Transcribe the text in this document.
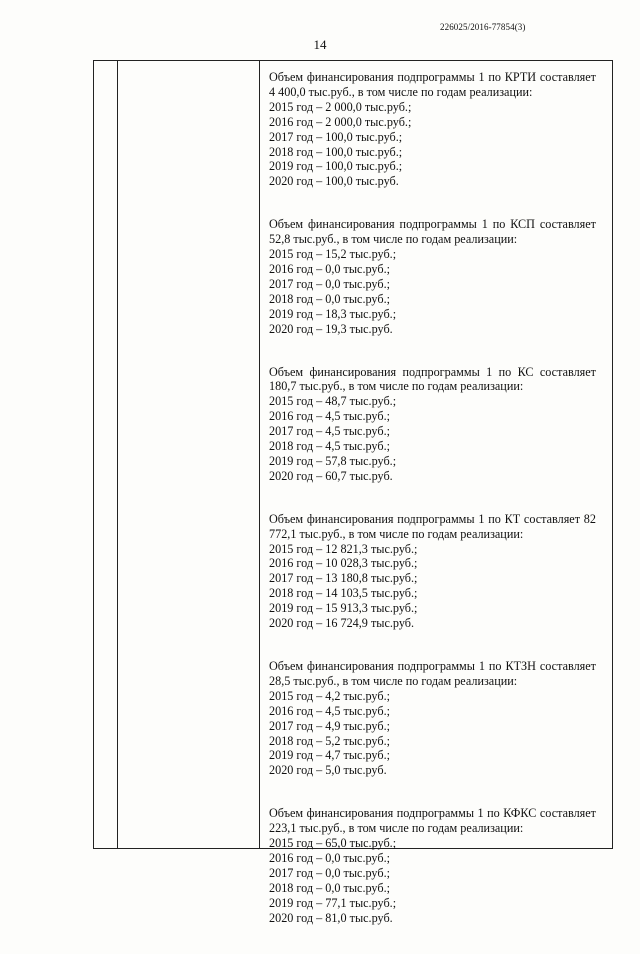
226025/2016-77854(3)
14
Объем финансирования подпрограммы 1 по КРТИ составляет 4 400,0 тыс.руб., в том числе по годам реализации:
2015 год – 2 000,0 тыс.руб.;
2016 год – 2 000,0 тыс.руб.;
2017 год – 100,0 тыс.руб.;
2018 год – 100,0 тыс.руб.;
2019 год – 100,0 тыс.руб.;
2020 год – 100,0 тыс.руб.
Объем финансирования подпрограммы 1 по КСП составляет 52,8 тыс.руб., в том числе по годам реализации:
2015 год – 15,2 тыс.руб.;
2016 год – 0,0 тыс.руб.;
2017 год – 0,0 тыс.руб.;
2018 год – 0,0 тыс.руб.;
2019 год – 18,3 тыс.руб.;
2020 год – 19,3 тыс.руб.
Объем финансирования подпрограммы 1 по КС составляет 180,7 тыс.руб., в том числе по годам реализации:
2015 год – 48,7 тыс.руб.;
2016 год – 4,5 тыс.руб.;
2017 год – 4,5 тыс.руб.;
2018 год – 4,5 тыс.руб.;
2019 год – 57,8 тыс.руб.;
2020 год – 60,7 тыс.руб.
Объем финансирования подпрограммы 1 по КТ составляет 82 772,1 тыс.руб., в том числе по годам реализации:
2015 год – 12 821,3 тыс.руб.;
2016 год – 10 028,3 тыс.руб.;
2017 год – 13 180,8 тыс.руб.;
2018 год – 14 103,5 тыс.руб.;
2019 год – 15 913,3 тыс.руб.;
2020 год – 16 724,9 тыс.руб.
Объем финансирования подпрограммы 1 по КТЗН составляет 28,5 тыс.руб., в том числе по годам реализации:
2015 год – 4,2 тыс.руб.;
2016 год – 4,5 тыс.руб.;
2017 год – 4,9 тыс.руб.;
2018 год – 5,2 тыс.руб.;
2019 год – 4,7 тыс.руб.;
2020 год – 5,0 тыс.руб.
Объем финансирования подпрограммы 1 по КФКС составляет 223,1 тыс.руб., в том числе по годам реализации:
2015 год – 65,0 тыс.руб.;
2016 год – 0,0 тыс.руб.;
2017 год – 0,0 тыс.руб.;
2018 год – 0,0 тыс.руб.;
2019 год – 77,1 тыс.руб.;
2020 год – 81,0 тыс.руб.
